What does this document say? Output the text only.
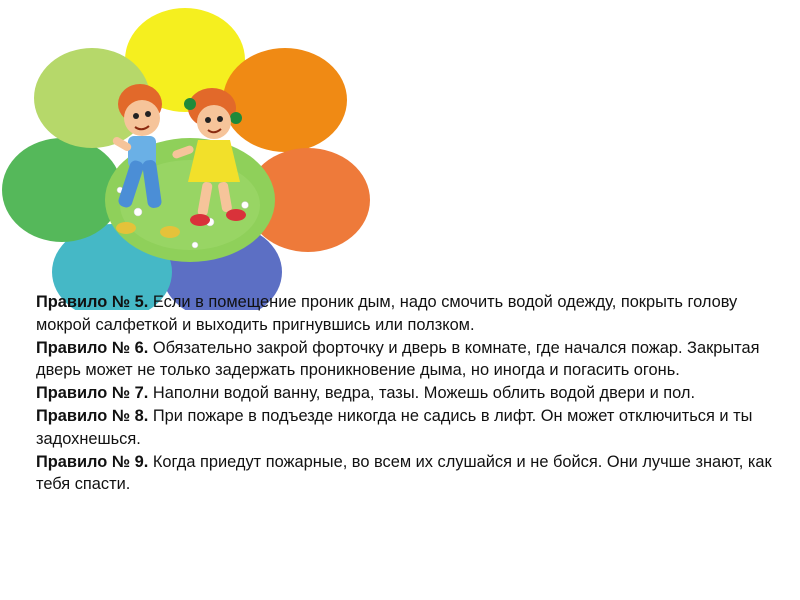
Правило № 5. Если в помещение проник дым, надо смочить водой одежду, покрыть голову мокрой салфеткой и выходить пригнувшись или ползком.

Правило № 6. Обязательно закрой форточку и дверь в комнате, где начался пожар. Закрытая дверь может не только задержать проникновение дыма, но иногда и погасить огонь.

Правило № 7. Наполни водой ванну, ведра, тазы. Можешь облить водой двери и пол.

Правило № 8. При пожаре в подъезде никогда не садись в лифт. Он может отключиться и ты задохнешься.

Правило № 9. Когда приедут пожарные, во всем их слушайся и не бойся. Они лучше знают, как тебя спасти.
